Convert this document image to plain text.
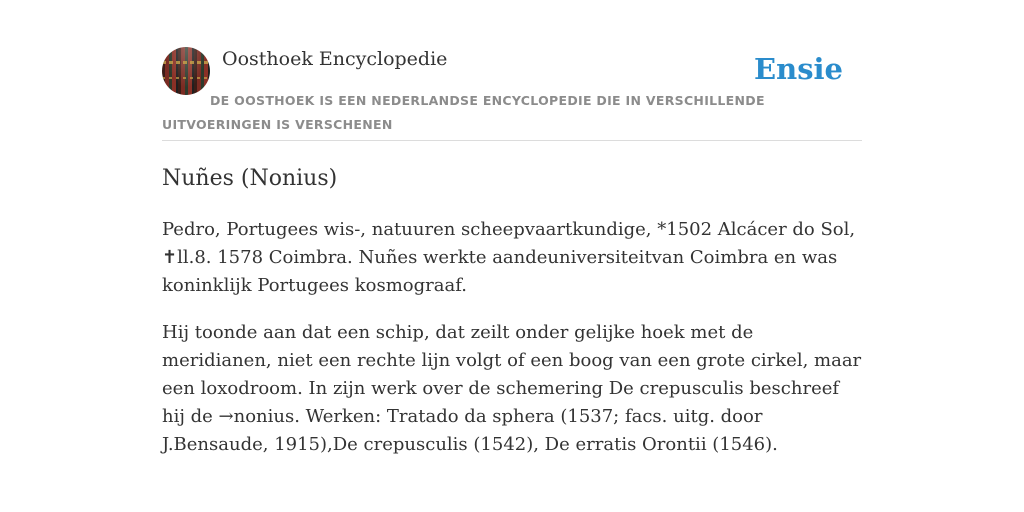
Oosthoek Encyclopedie	Ensie
DE OOSTHOEK IS EEN NEDERLANDSE ENCYCLOPEDIE DIE IN VERSCHILLENDE UITVOERINGEN IS VERSCHENEN
Nuñes (Nonius)

Pedro, Portugees wis-, natuuren scheepvaartkundige, *1502 Alcácer do Sol, ✝ll.8. 1578 Coimbra. Nuñes werkte aandeuniversiteitvan Coimbra en was koninklijk Portugees kosmograaf.

Hij toonde aan dat een schip, dat zeilt onder gelijke hoek met de meridianen, niet een rechte lijn volgt of een boog van een grote cirkel, maar een loxodroom. In zijn werk over de schemering De crepusculis beschreef hij de →nonius. Werken: Tratado da sphera (1537; facs. uitg. door J.Bensaude, 1915),De crepusculis (1542), De erratis Orontii (1546).
